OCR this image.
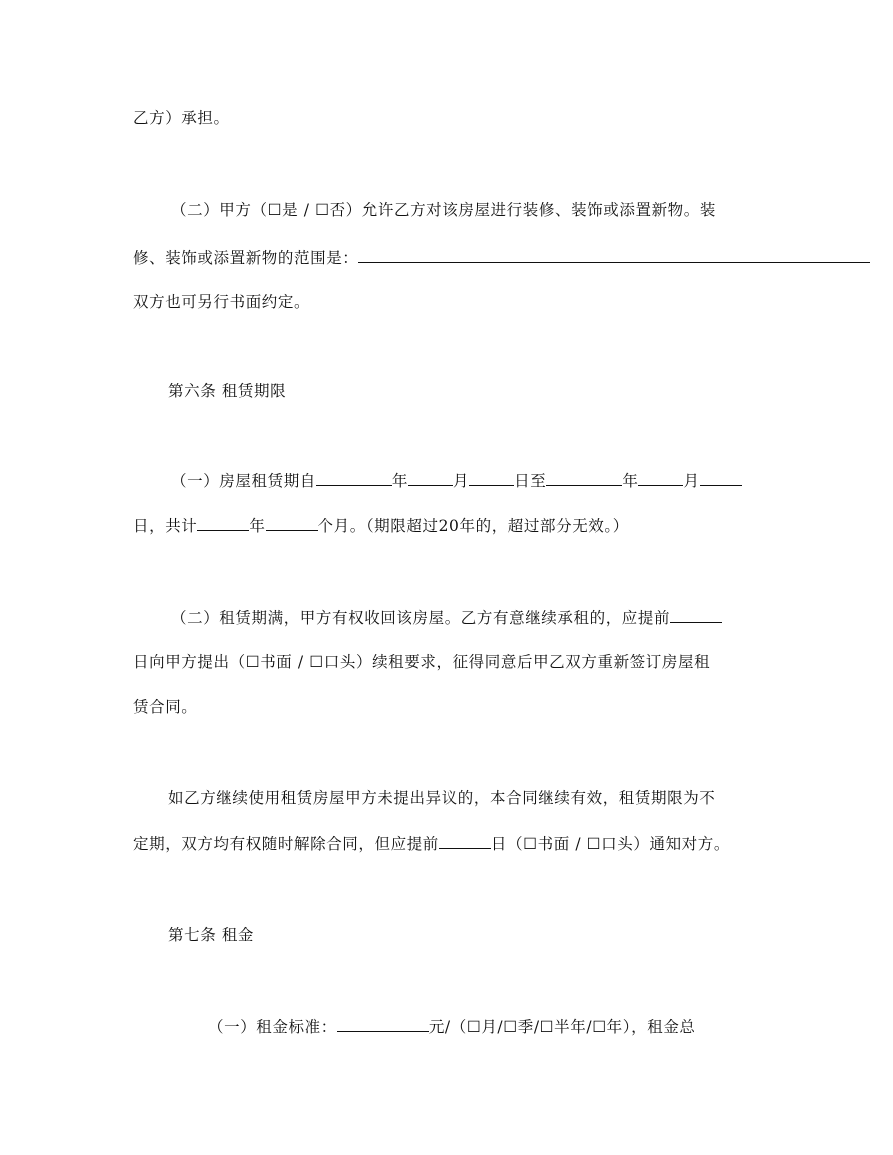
乙方）承担。
（二）甲方（☐是 / ☐否）允许乙方对该房屋进行装修、装饰或添置新物。装
修、装饰或添置新物的范围是：
双方也可另行书面约定。
第六条 租赁期限
（一）房屋租赁期自	年	月	日至	年	月
日，共计	年	个月。（期限超过20年的，超过部分无效。）
（二）租赁期满，甲方有权收回该房屋。乙方有意继续承租的，应提前
日向甲方提出（☐书面 / ☐口头）续租要求，征得同意后甲乙双方重新签订房屋租
赁合同。
如乙方继续使用租赁房屋甲方未提出异议的，本合同继续有效，租赁期限为不
定期，双方均有权随时解除合同，但应提前	日（☐书面 / ☐口头）通知对方。
第七条 租金
（一）租金标准：	元/（☐月/☐季/☐半年/☐年），租金总
